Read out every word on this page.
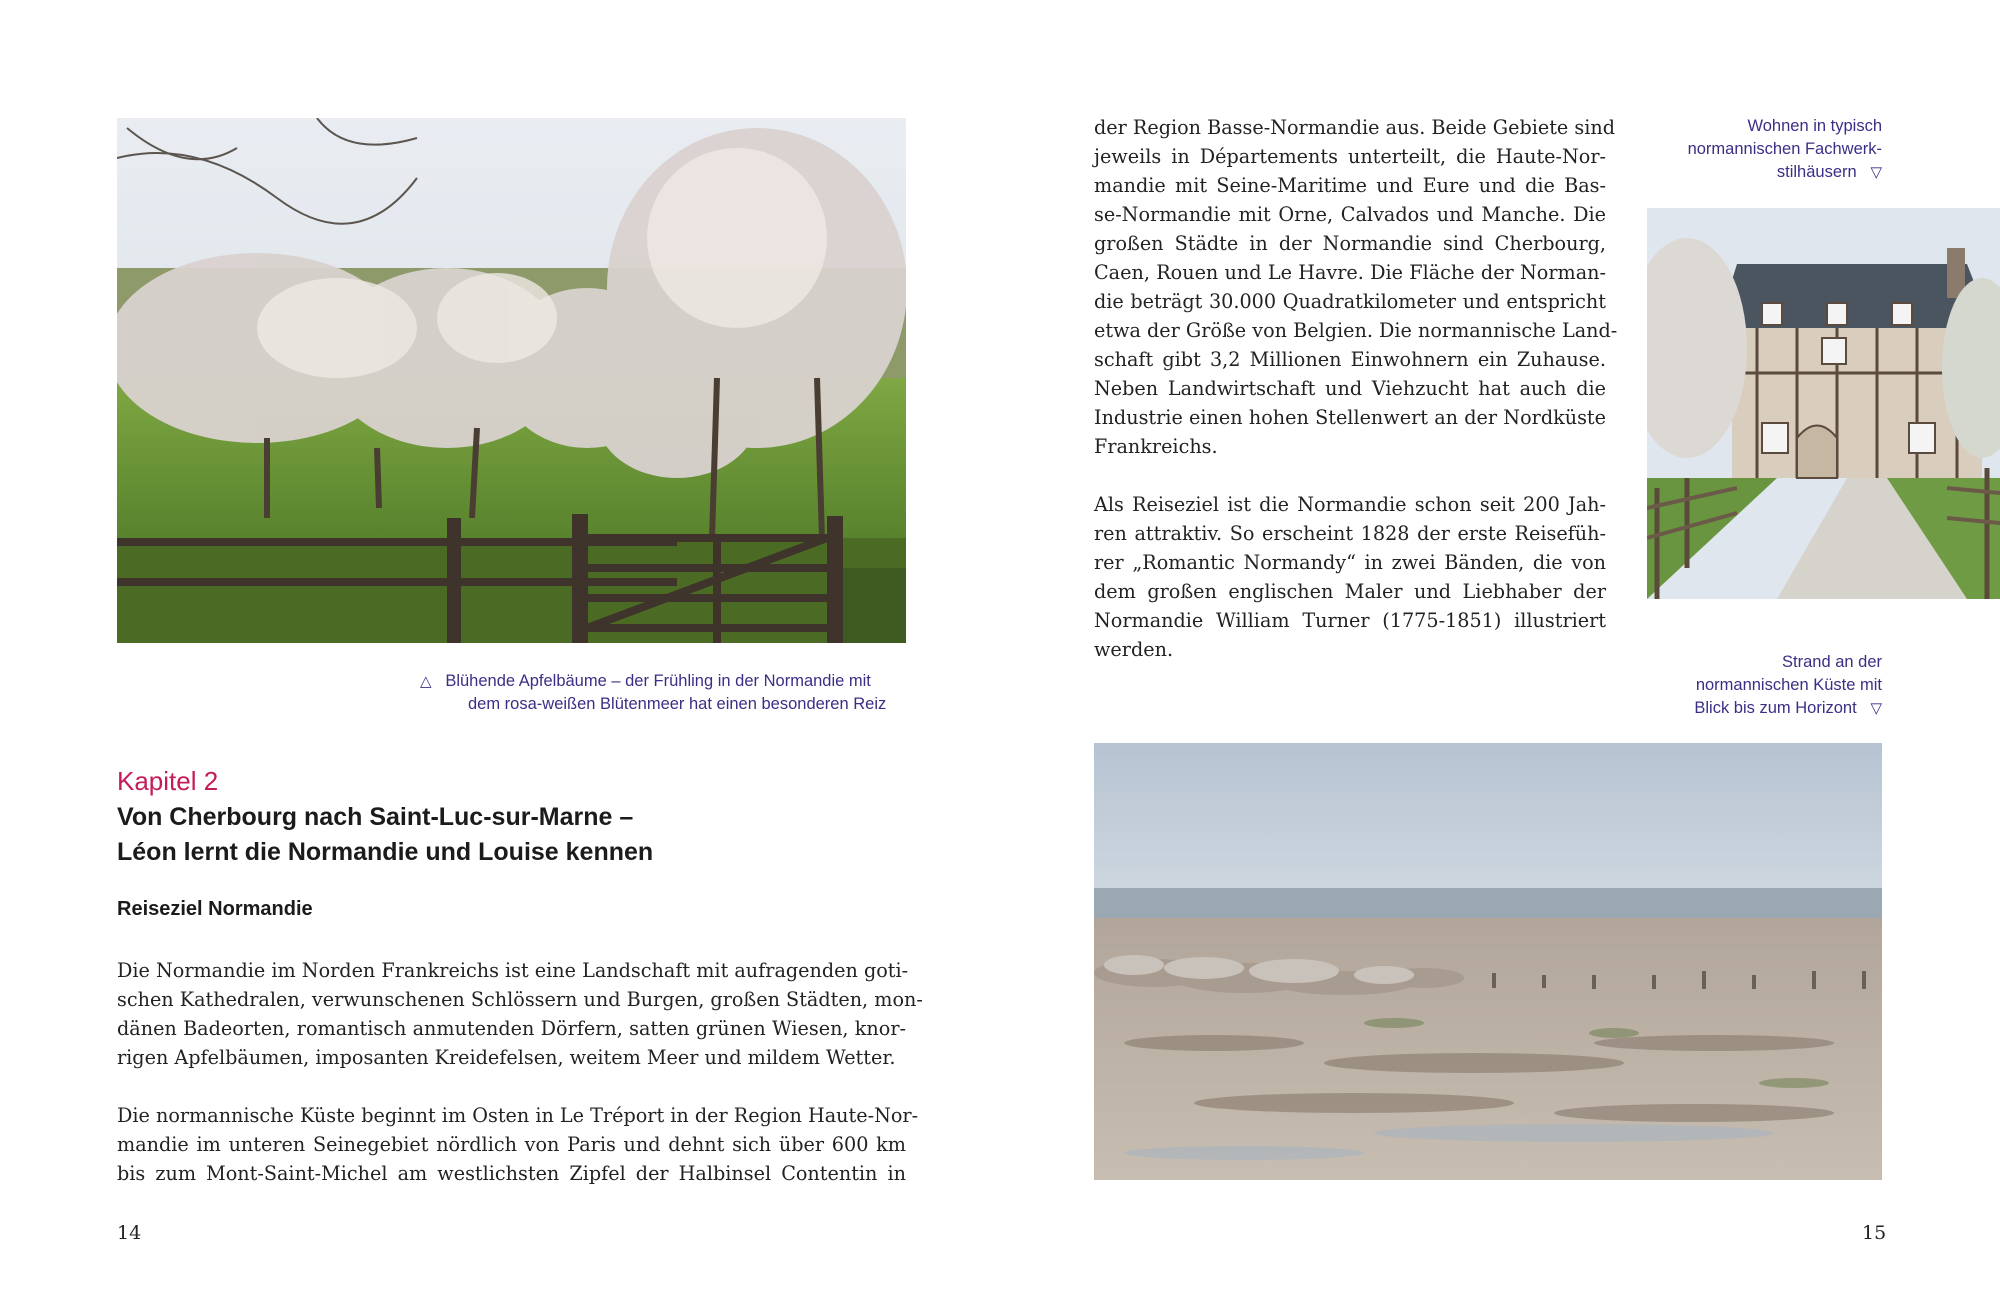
△ Blühende Apfelbäume – der Frühling in der Normandie mit
dem rosa-weißen Blütenmeer hat einen besonderen Reiz
Kapitel 2
Von Cherbourg nach Saint-Luc-sur-Marne –
Léon lernt die Normandie und Louise kennen
Reiseziel Normandie
Die Normandie im Norden Frankreichs ist eine Landschaft mit aufragenden goti-
schen Kathedralen, verwunschenen Schlössern und Burgen, großen Städten, mon-
dänen Badeorten, romantisch anmutenden Dörfern, satten grünen Wiesen, knor-
rigen Apfelbäumen, imposanten Kreidefelsen, weitem Meer und mildem Wetter.
Die normannische Küste beginnt im Osten in Le Tréport in der Region Haute-Nor-
mandie im unteren Seinegebiet nördlich von Paris und dehnt sich über 600 km
bis zum Mont-Saint-Michel am westlichsten Zipfel der Halbinsel Contentin in
14
der Region Basse-Normandie aus. Beide Gebiete sind
jeweils in Départements unterteilt, die Haute-Nor-
mandie mit Seine-Maritime und Eure und die Bas-
se-Normandie mit Orne, Calvados und Manche. Die
großen Städte in der Normandie sind Cherbourg,
Caen, Rouen und Le Havre. Die Fläche der Norman-
die beträgt 30.000 Quadratkilometer und entspricht
etwa der Größe von Belgien. Die normannische Land-
schaft gibt 3,2 Millionen Einwohnern ein Zuhause.
Neben Landwirtschaft und Viehzucht hat auch die
Industrie einen hohen Stellenwert an der Nordküste
Frankreichs.
Als Reiseziel ist die Normandie schon seit 200 Jah-
ren attraktiv. So erscheint 1828 der erste Reisefüh-
rer „Romantic Normandy“ in zwei Bänden, die von
dem großen englischen Maler und Liebhaber der
Normandie William Turner (1775-1851) illustriert
werden.
Wohnen in typisch
normannischen Fachwerk-
stilhäusern ▽
Strand an der
normannischen Küste mit
Blick bis zum Horizont ▽
15
